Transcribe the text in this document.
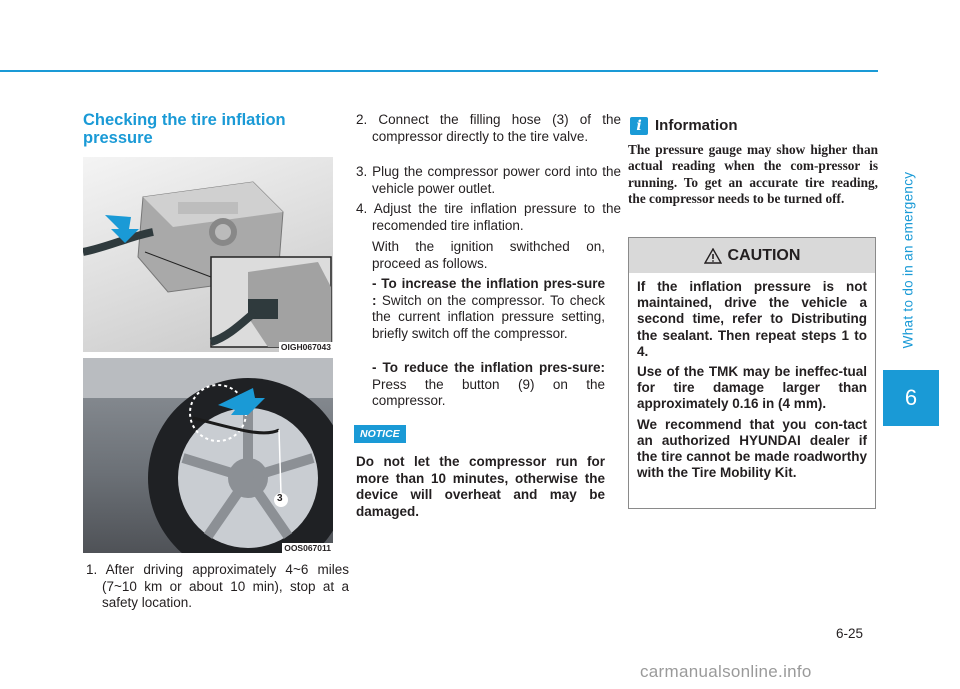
What to do in an emergency
6
Checking the tire inflation pressure
OIGH067043
3
OOS067011
1. After driving approximately 4~6 miles (7~10 km or about 10 min), stop at a safety location.
2. Connect the filling hose (3) of the compressor directly to the tire valve.
3. Plug the compressor power cord into the vehicle power outlet.
4. Adjust the tire inflation pressure to the recomended tire inflation.
With the ignition swithched on, proceed as follows.
- To increase the inflation pres-sure : Switch on the compressor. To check the current inflation pressure setting, briefly switch off the compressor.
- To reduce the inflation pres-sure: Press the button (9) on the compressor.
NOTICE
Do not let the compressor run for more than 10 minutes, otherwise the device will overheat and may be damaged.
i Information
The pressure gauge may show higher than actual reading when the com-pressor is running. To get an accurate tire reading, the compressor needs to be turned off.
CAUTION

If the inflation pressure is not maintained, drive the vehicle a second time, refer to Distributing the sealant. Then repeat steps 1 to 4.

Use of the TMK may be ineffec-tual for tire damage larger than approximately 0.16 in (4 mm).

We recommend that you con-tact an authorized HYUNDAI dealer if the tire cannot be made roadworthy with the Tire Mobility Kit.

6-25
carmanualsonline.info
